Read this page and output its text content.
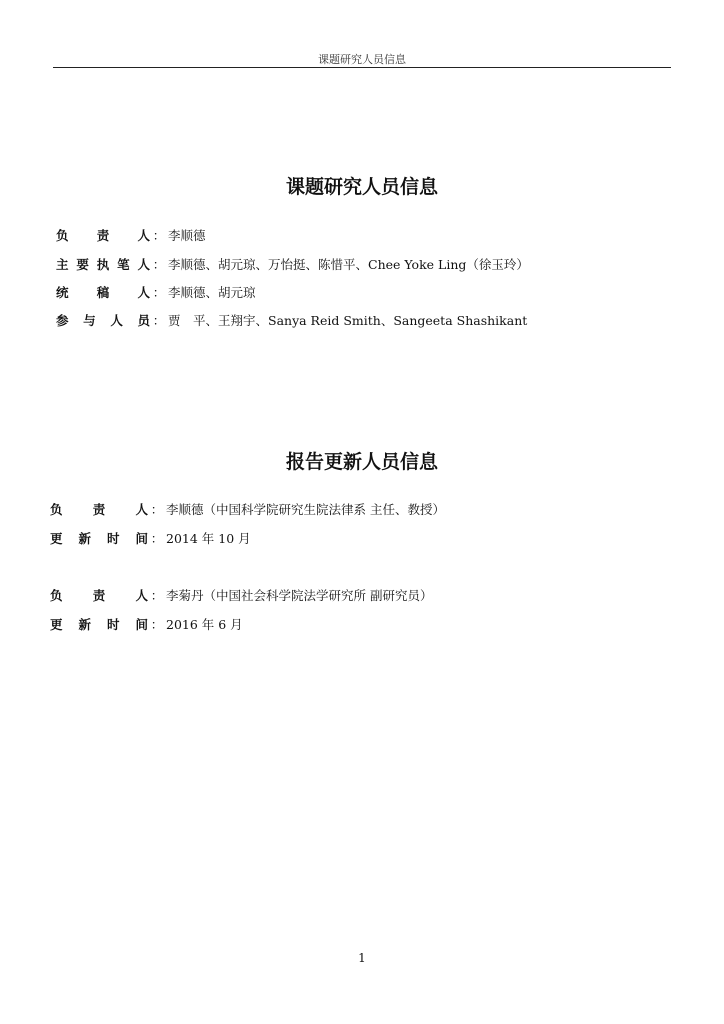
课题研究人员信息
课题研究人员信息
负 责 人 ： 李顺德
主要执笔人 ： 李顺德、胡元琼、万怡挺、陈惜平、Chee Yoke Ling（徐玉玲）
统 稿 人 ： 李顺德、胡元琼
参与人员 ： 贾　平、王翔宇、Sanya Reid Smith、Sangeeta Shashikant
报告更新人员信息
负 责 人 ： 李顺德（中国科学院研究生院法律系 主任、教授）
更新时间 ： 2014 年 10 月
负 责 人 ： 李菊丹（中国社会科学院法学研究所 副研究员）
更新时间 ： 2016 年 6 月
1
